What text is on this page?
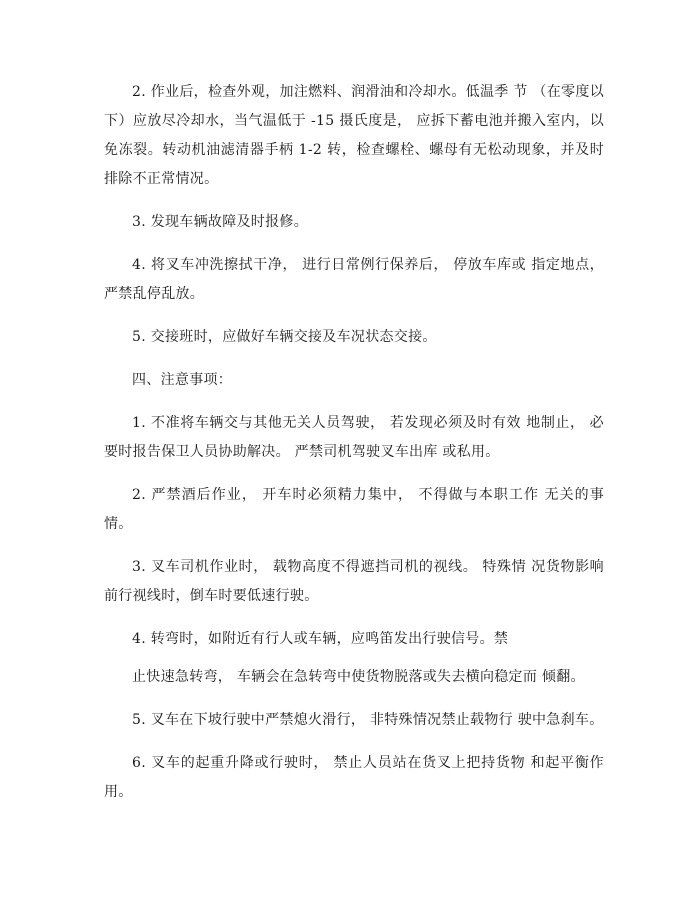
2. 作业后，检查外观，加注燃料、润滑油和冷却水。低温季 节 （在零度以下）应放尽冷却水，当气温低于 -15 摄氏度是， 应拆下蓄电池并搬入室内，以免冻裂。转动机油滤清器手柄 1-2 转，检查螺栓、螺母有无松动现象，并及时排除不正常情况。

3. 发现车辆故障及时报修。

4. 将叉车冲洗擦拭干净， 进行日常例行保养后， 停放车库或 指定地点，严禁乱停乱放。

5. 交接班时，应做好车辆交接及车况状态交接。

四、注意事项：

1. 不准将车辆交与其他无关人员驾驶， 若发现必须及时有效 地制止， 必要时报告保卫人员协助解决。 严禁司机驾驶叉车出库 或私用。

2. 严禁酒后作业， 开车时必须精力集中， 不得做与本职工作 无关的事情。

3. 叉车司机作业时， 载物高度不得遮挡司机的视线。 特殊情 况货物影响前行视线时，倒车时要低速行驶。

4. 转弯时，如附近有行人或车辆，应鸣笛发出行驶信号。禁

止快速急转弯， 车辆会在急转弯中使货物脱落或失去横向稳定而 倾翻。

5. 叉车在下坡行驶中严禁熄火滑行， 非特殊情况禁止载物行 驶中急刹车。

6. 叉车的起重升降或行驶时， 禁止人员站在货叉上把持货物 和起平衡作用。
